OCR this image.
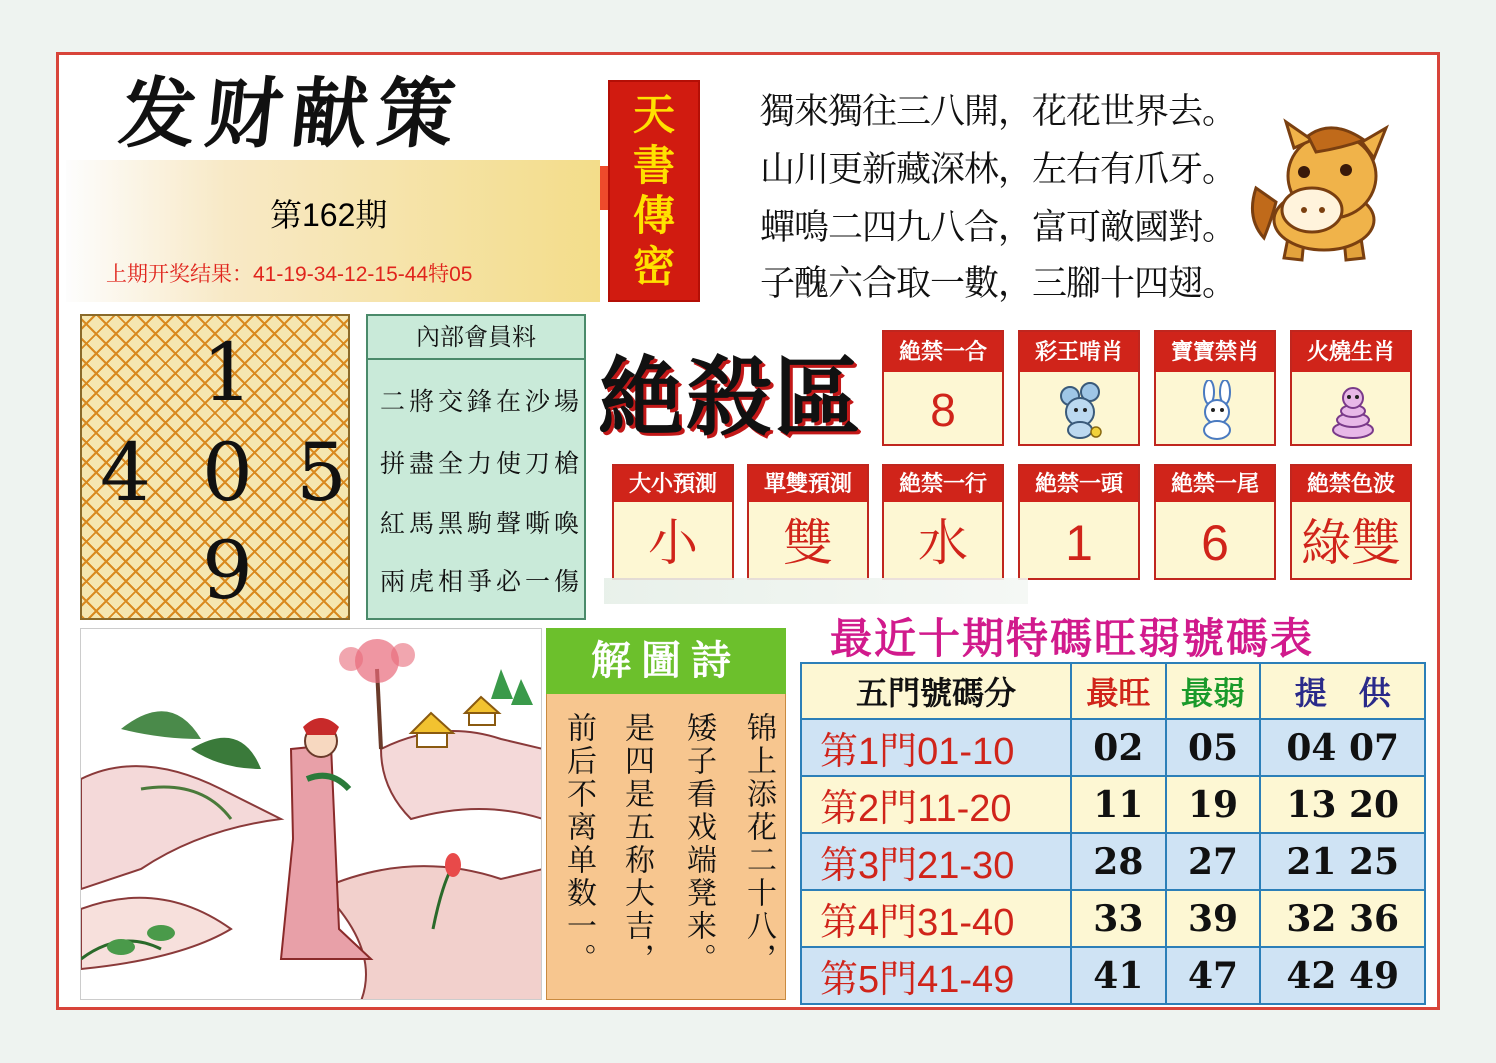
发财献策
第162期
上期开奖结果：41-19-34-12-15-44特05
天
書
傳
密
獨來獨往三八開，花花世界去。
山川更新藏深林，左右有爪牙。
蟬鳴二四九八合，富可敵國對。
子醜六合取一數，三腳十四翅。
1
4 0 5
9
內部會員料
二將交鋒在沙場
拼盡全力使刀槍
紅馬黑駒聲嘶喚
兩虎相爭必一傷
絶殺區	絶禁一合
8
彩王啃肖	寶寶禁肖	火燒生肖
大小預測
小
單雙預測
雙
絶禁一行
水
絶禁一頭
1
絶禁一尾
6
絶禁色波
綠雙
最近十期特碼旺弱號碼表
五門號碼分	最旺	最弱	提　供
第1門01-10	02	05	04 07
第2門11-20	11	19	13 20
第3門21-30	28	27	21 25
第4門31-40	33	39	32 36
第5門41-49	41	47	42 49
解圖詩
前后不离单数一。 是四是五称大吉， 矮子看戏端凳来。 锦上添花二十八，
